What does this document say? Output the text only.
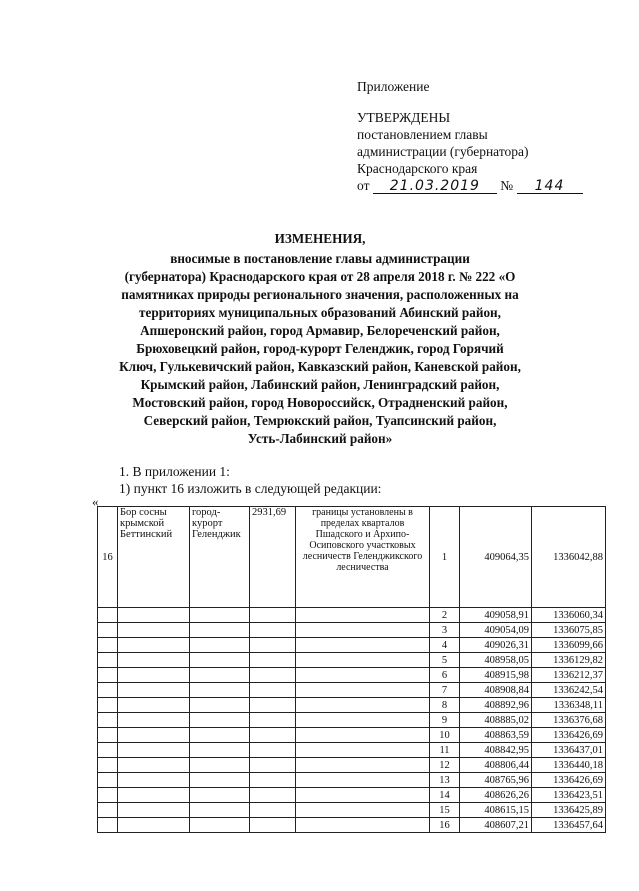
Приложение
УТВЕРЖДЕНЫ
постановлением главы
администрации (губернатора)
Краснодарского края
от 21.03.2019 № 144
ИЗМЕНЕНИЯ,
вносимые в постановление главы администрации
(губернатора) Краснодарского края от 28 апреля 2018 г. № 222 «О
памятниках природы регионального значения, расположенных на
территориях муниципальных образований Абинский район,
Апшеронский район, город Армавир, Белореченский район,
Брюховецкий район, город-курорт Геленджик, город Горячий
Ключ, Гулькевичский район, Кавказский район, Каневской район,
Крымский район, Лабинский район, Ленинградский район,
Мостовский район, город Новороссийск, Отрадненский район,
Северский район, Темрюкский район, Туапсинский район,
Усть-Лабинский район»
1. В приложении 1:
1) пункт 16 изложить в следующей редакции:
«
16	Бор сосны крымской Беттинский	город-курорт Геленджик	2931,69	границы установлены в пределах кварталов Пшадского и Архипо-Осиповского участковых лесничеств Геленджикского лесничества	1	409064,35	1336042,88
					2	409058,91	1336060,34
					3	409054,09	1336075,85
					4	409026,31	1336099,66
					5	408958,05	1336129,82
					6	408915,98	1336212,37
					7	408908,84	1336242,54
					8	408892,96	1336348,11
					9	408885,02	1336376,68
					10	408863,59	1336426,69
					11	408842,95	1336437,01
					12	408806,44	1336440,18
					13	408765,96	1336426,69
					14	408626,26	1336423,51
					15	408615,15	1336425,89
					16	408607,21	1336457,64
